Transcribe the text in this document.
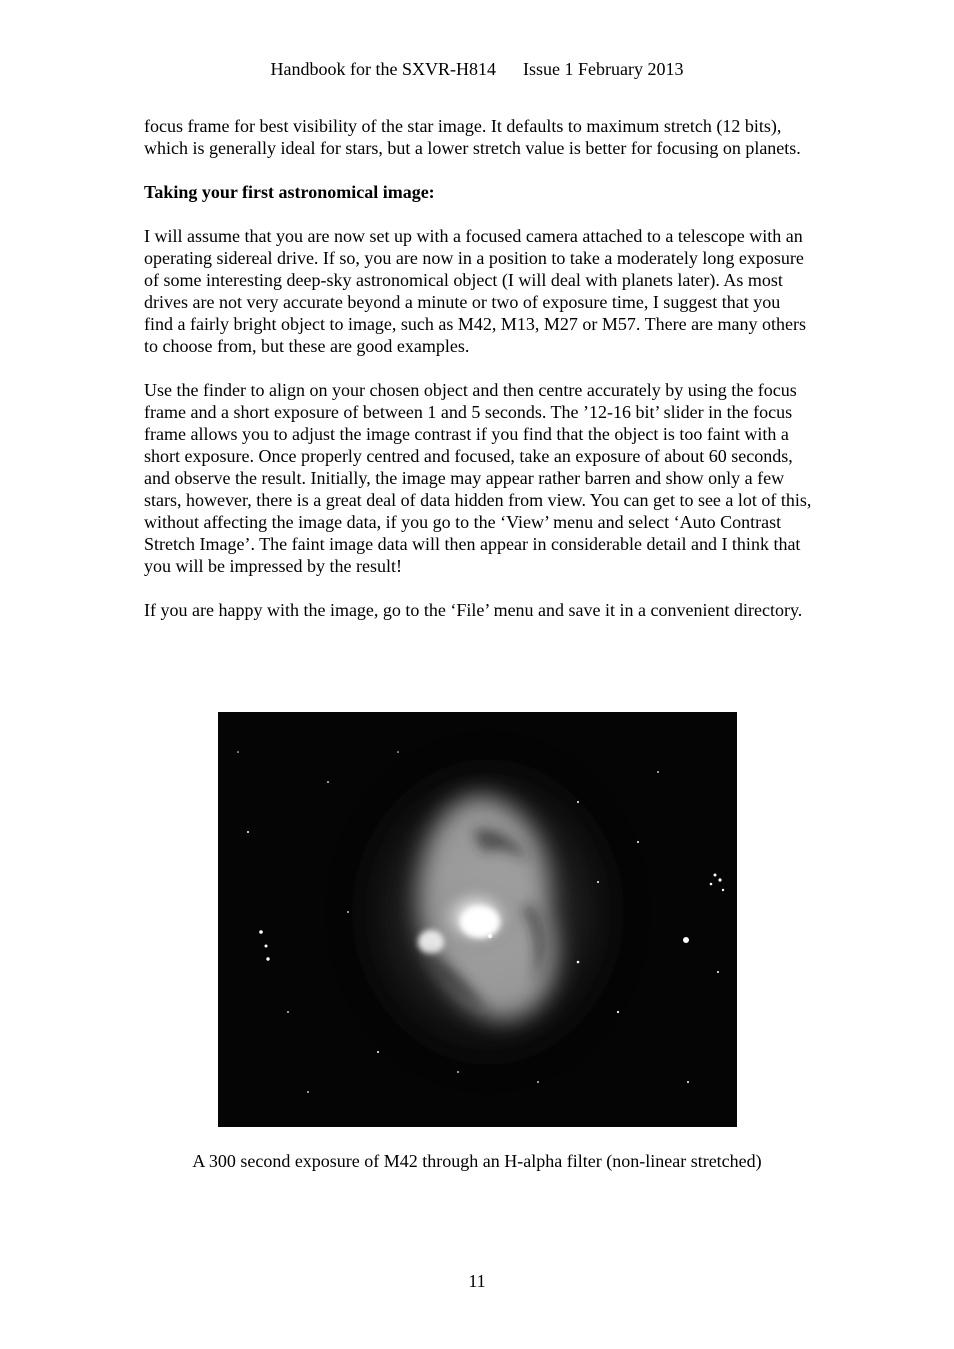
Handbook for the SXVR-H814 Issue 1 February 2013

focus frame for best visibility of the star image. It defaults to maximum stretch (12 bits), which is generally ideal for stars, but a lower stretch value is better for focusing on planets.

Taking your first astronomical image:

I will assume that you are now set up with a focused camera attached to a telescope with an operating sidereal drive. If so, you are now in a position to take a moderately long exposure of some interesting deep-sky astronomical object (I will deal with planets later). As most drives are not very accurate beyond a minute or two of exposure time, I suggest that you find a fairly bright object to image, such as M42, M13, M27 or M57. There are many others to choose from, but these are good examples.

Use the finder to align on your chosen object and then centre accurately by using the focus frame and a short exposure of between 1 and 5 seconds. The ’12-16 bit’ slider in the focus frame allows you to adjust the image contrast if you find that the object is too faint with a short exposure. Once properly centred and focused, take an exposure of about 60 seconds, and observe the result. Initially, the image may appear rather barren and show only a few stars, however, there is a great deal of data hidden from view. You can get to see a lot of this, without affecting the image data, if you go to the ‘View’ menu and select ‘Auto Contrast Stretch Image’. The faint image data will then appear in considerable detail and I think that you will be impressed by the result!

If you are happy with the image, go to the ‘File’ menu and save it in a convenient directory.

A 300 second exposure of M42 through an H-alpha filter (non-linear stretched)
11
